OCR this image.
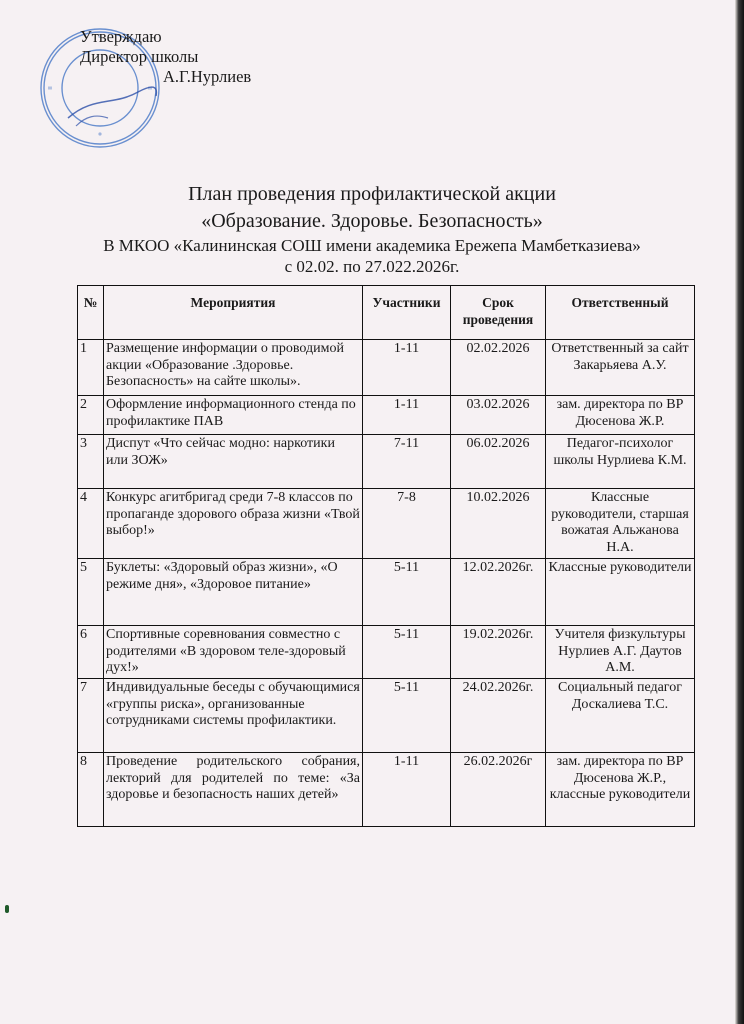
Утверждаю
Директор школы
А.Г.Нурлиев
План проведения профилактической акции
«Образование. Здоровье. Безопасность»
В МКОО «Калининская СОШ имени академика Ережепа Мамбетказиева»
с 02.02. по 27.022.2026г.
№	Мероприятия	Участники	Срок проведения	Ответственный
1	Размещение информации о проводимой акции «Образование .Здоровье. Безопасность» на сайте школы».	1-11	02.02.2026	Ответственный за сайт Закарьяева А.У.
2	Оформление информационного стенда по профилактике ПАВ	1-11	03.02.2026	зам. директора по ВР Дюсенова Ж.Р.
3	Диспут «Что сейчас модно: наркотики или ЗОЖ»	7-11	06.02.2026	Педагог-психолог школы Нурлиева К.М.
4	Конкурс агитбригад среди 7-8 классов по пропаганде здорового образа жизни «Твой выбор!»	7-8	10.02.2026	Классные руководители, старшая вожатая Альжанова Н.А.
5	Буклеты: «Здоровый образ жизни», «О режиме дня», «Здоровое питание»	5-11	12.02.2026г.	Классные руководители
6	Спортивные соревнования совместно с родителями «В здоровом теле-здоровый дух!»	5-11	19.02.2026г.	Учителя физкультуры Нурлиев А.Г. Даутов А.М.
7	Индивидуальные беседы с обучающимися «группы риска», организованные сотрудниками системы профилактики.	5-11	24.02.2026г.	Социальный педагог Доскалиева Т.С.
8	Проведение родительского собрания, лекторий для родителей по теме: «За здоровье и безопасность наших детей»	1-11	26.02.2026г	зам. директора по ВР Дюсенова Ж.Р., классные руководители
